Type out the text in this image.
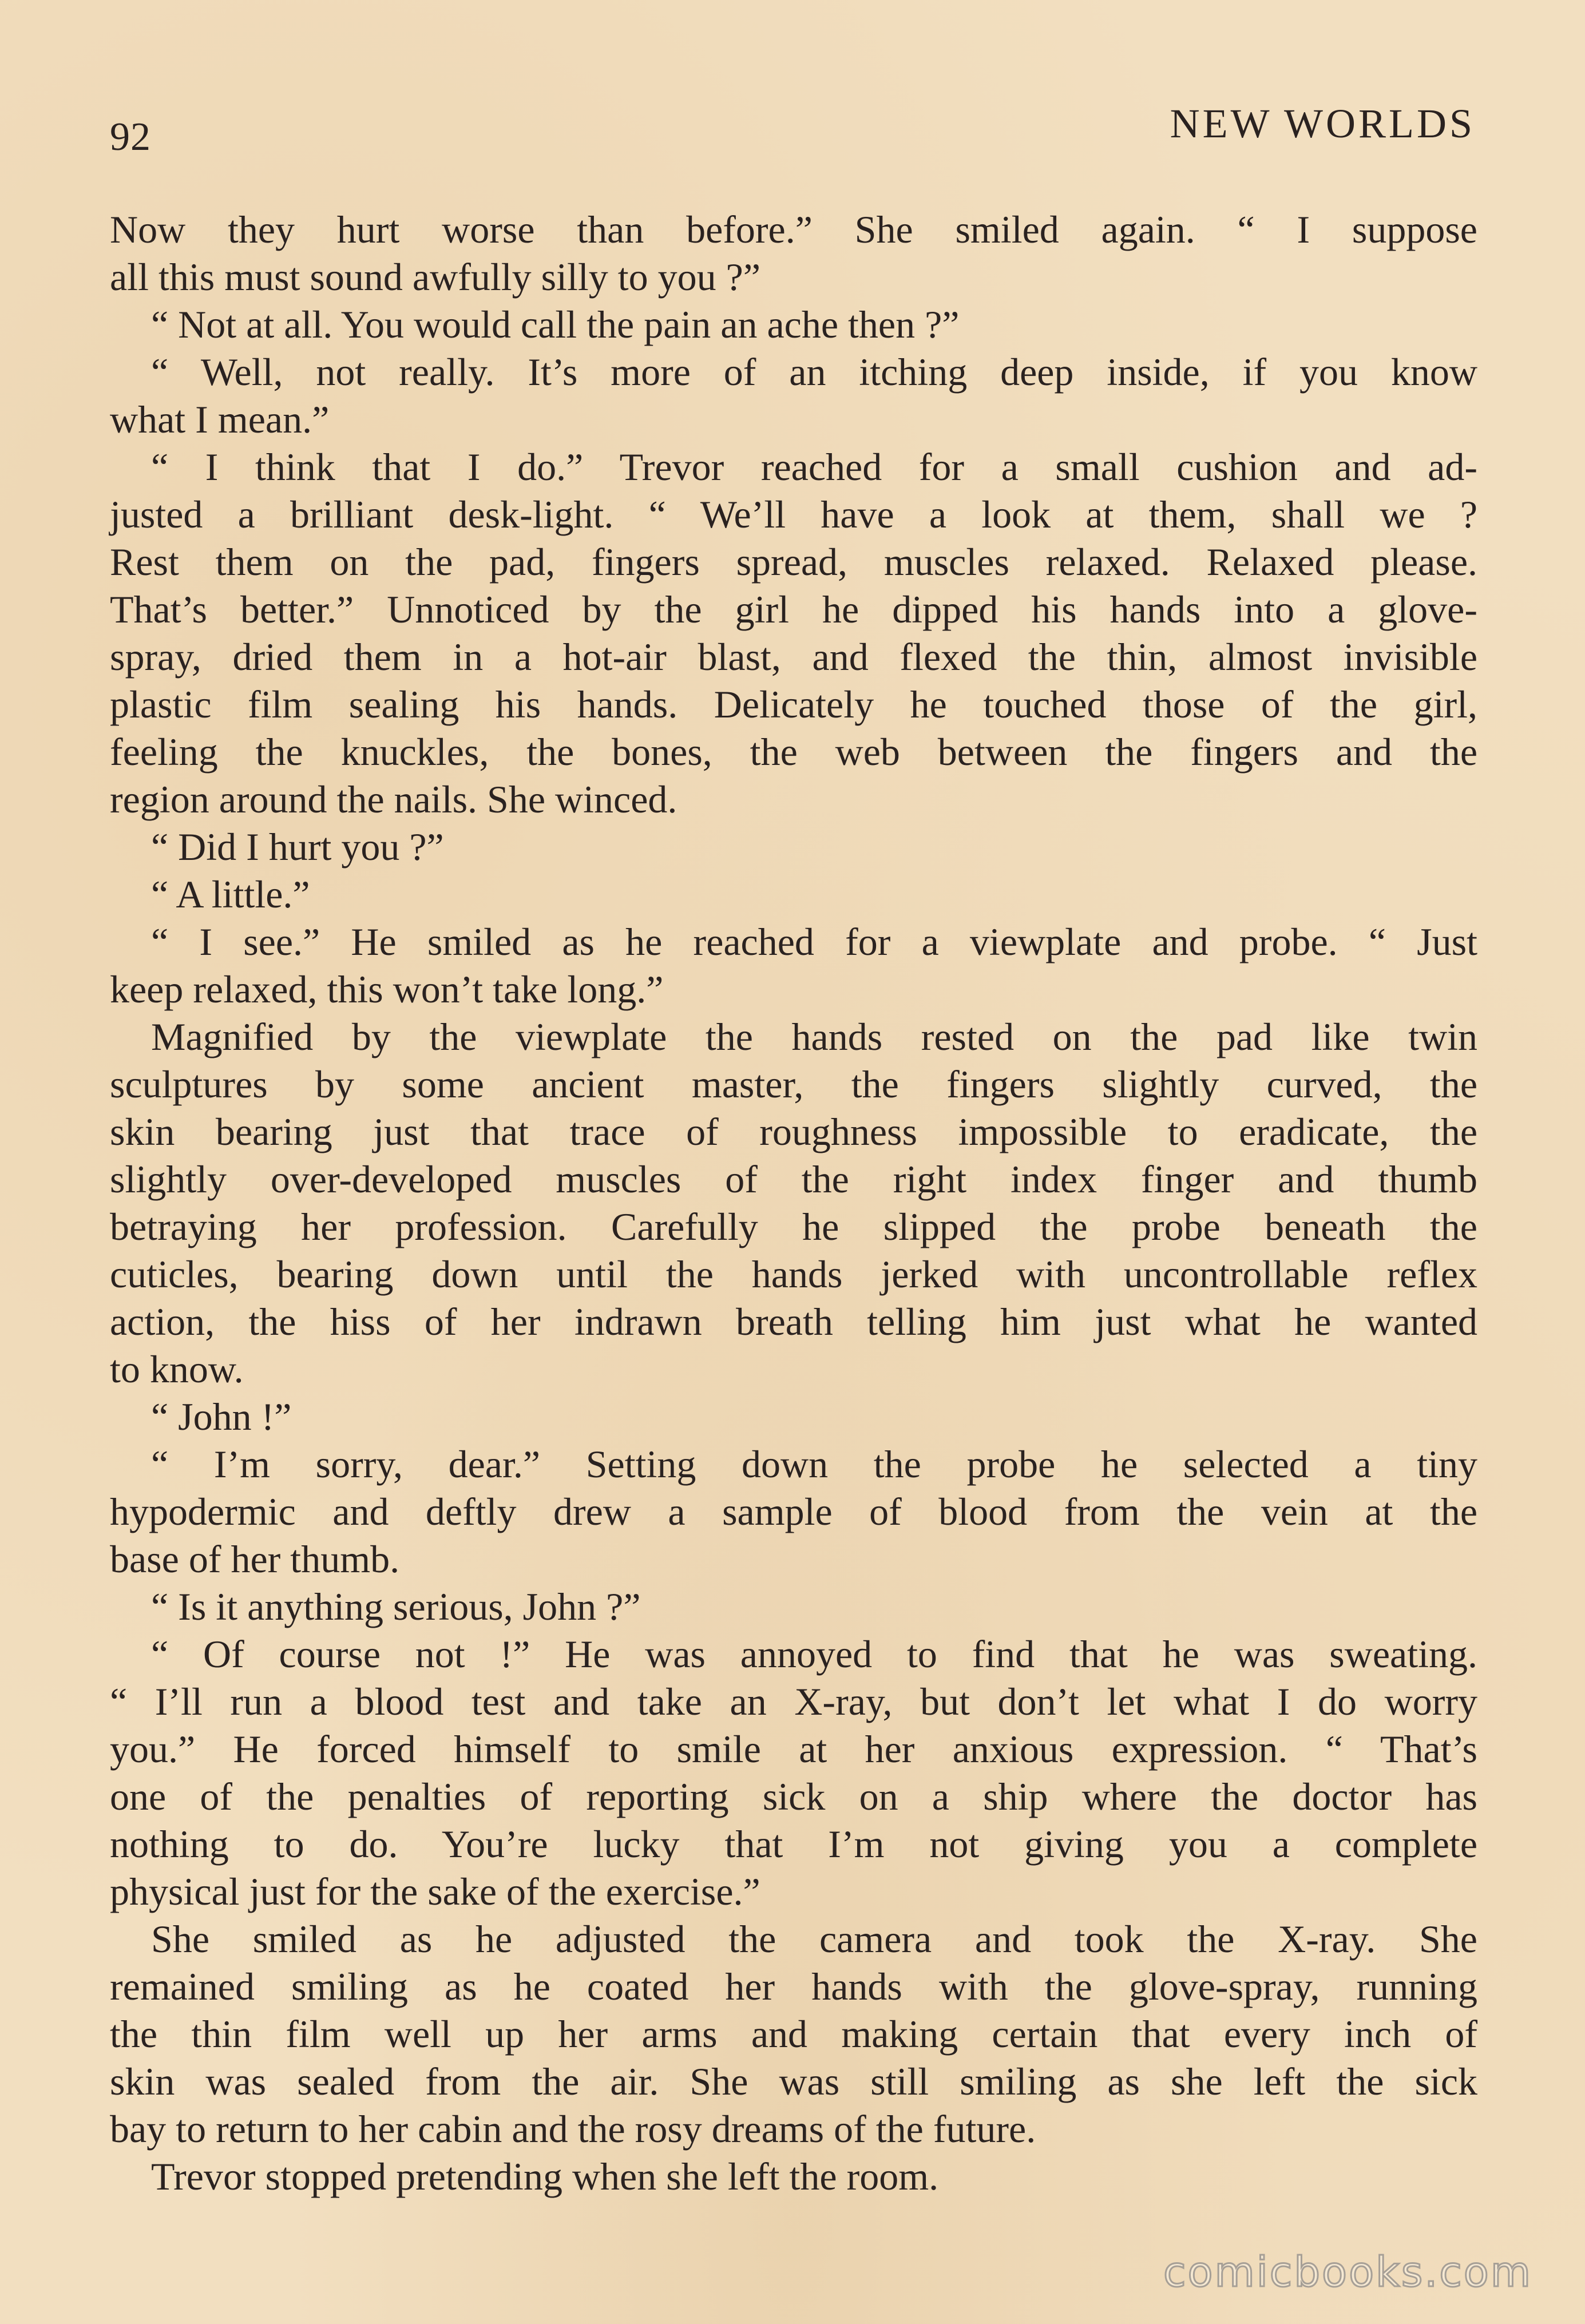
92	NEW WORLDS
Now they hurt worse than before.” She smiled again. “ I suppose
all this must sound awfully silly to you ?”
“ Not at all. You would call the pain an ache then ?”
“ Well, not really. It’s more of an itching deep inside, if you know
what I mean.”
“ I think that I do.” Trevor reached for a small cushion and ad-
justed a brilliant desk-light. “ We’ll have a look at them, shall we ?
Rest them on the pad, fingers spread, muscles relaxed. Relaxed please.
That’s better.” Unnoticed by the girl he dipped his hands into a glove-
spray, dried them in a hot-air blast, and flexed the thin, almost invisible
plastic film sealing his hands. Delicately he touched those of the girl,
feeling the knuckles, the bones, the web between the fingers and the
region around the nails. She winced.
“ Did I hurt you ?”
“ A little.”
“ I see.” He smiled as he reached for a viewplate and probe. “ Just
keep relaxed, this won’t take long.”
Magnified by the viewplate the hands rested on the pad like twin
sculptures by some ancient master, the fingers slightly curved, the
skin bearing just that trace of roughness impossible to eradicate, the
slightly over-developed muscles of the right index finger and thumb
betraying her profession. Carefully he slipped the probe beneath the
cuticles, bearing down until the hands jerked with uncontrollable reflex
action, the hiss of her indrawn breath telling him just what he wanted
to know.
“ John !”
“ I’m sorry, dear.” Setting down the probe he selected a tiny
hypodermic and deftly drew a sample of blood from the vein at the
base of her thumb.
“ Is it anything serious, John ?”
“ Of course not !” He was annoyed to find that he was sweating.
“ I’ll run a blood test and take an X-ray, but don’t let what I do worry
you.” He forced himself to smile at her anxious expression. “ That’s
one of the penalties of reporting sick on a ship where the doctor has
nothing to do. You’re lucky that I’m not giving you a complete
physical just for the sake of the exercise.”
She smiled as he adjusted the camera and took the X-ray. She
remained smiling as he coated her hands with the glove-spray, running
the thin film well up her arms and making certain that every inch of
skin was sealed from the air. She was still smiling as she left the sick
bay to return to her cabin and the rosy dreams of the future.
Trevor stopped pretending when she left the room.
comicbooks.com
